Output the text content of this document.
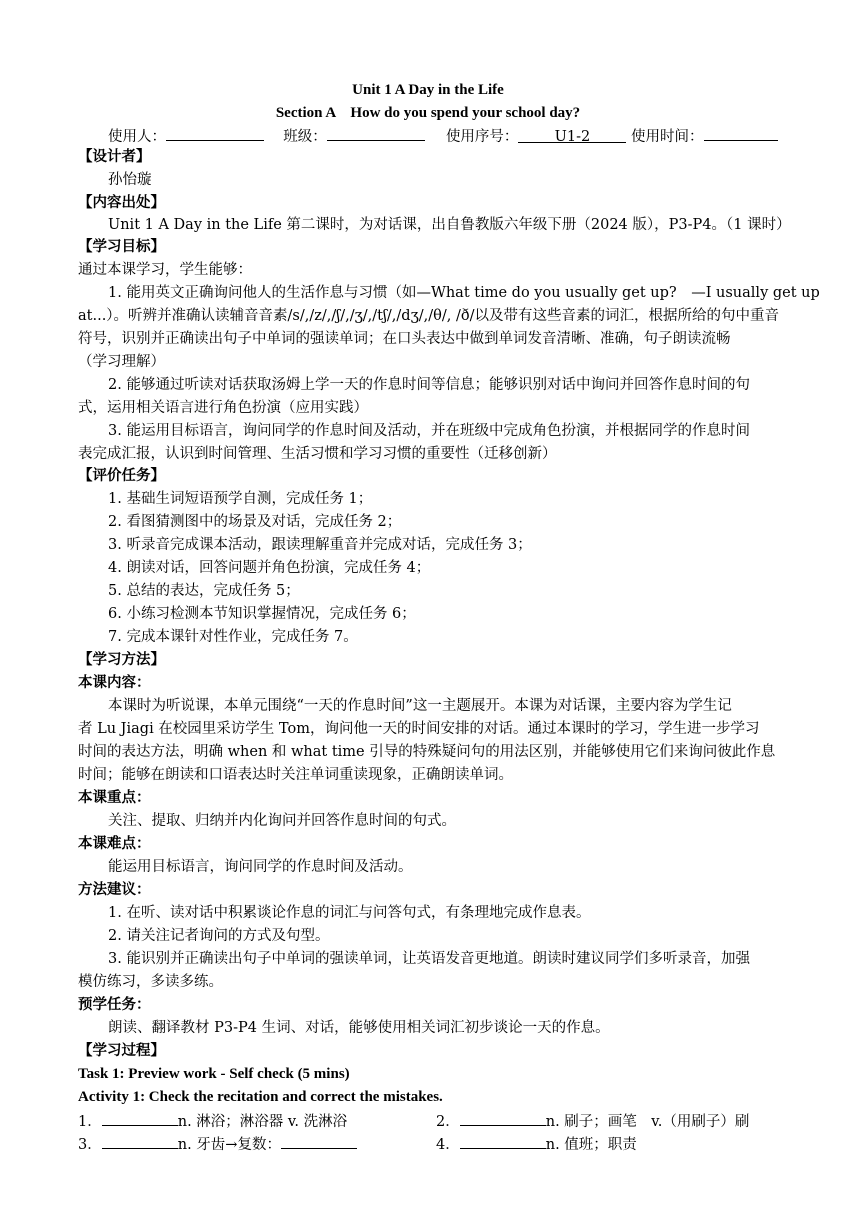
Unit 1 A Day in the Life
Section A　How do you spend your school day?
使用人：	班级：	使用序号： U1-2	使用时间：
【设计者】
孙怡璇
【内容出处】
Unit 1 A Day in the Life 第二课时，为对话课，出自鲁教版六年级下册（2024 版），P3-P4。（1 课时）
【学习目标】
通过本课学习，学生能够：
1. 能用英文正确询问他人的生活作息与习惯（如—What time do you usually get up?　—I usually get up
at...）。听辨并准确认读辅音音素/s/,/z/,/ʃ/,/ʒ/,/tʃ/,/dʒ/,/θ/, /ð/以及带有这些音素的词汇，根据所给的句中重音
符号，识别并正确读出句子中单词的强读单词；在口头表达中做到单词发音清晰、准确，句子朗读流畅
（学习理解）
2. 能够通过听读对话获取汤姆上学一天的作息时间等信息；能够识别对话中询问并回答作息时间的句
式，运用相关语言进行角色扮演（应用实践）
3. 能运用目标语言，询问同学的作息时间及活动，并在班级中完成角色扮演，并根据同学的作息时间
表完成汇报，认识到时间管理、生活习惯和学习习惯的重要性（迁移创新）
【评价任务】
1. 基础生词短语预学自测，完成任务 1；
2. 看图猜测图中的场景及对话，完成任务 2；
3. 听录音完成课本活动，跟读理解重音并完成对话，完成任务 3；
4. 朗读对话，回答问题并角色扮演，完成任务 4；
5. 总结的表达，完成任务 5；
6. 小练习检测本节知识掌握情况，完成任务 6；
7. 完成本课针对性作业，完成任务 7。
【学习方法】
本课内容：
本课时为听说课，本单元围绕“一天的作息时间”这一主题展开。本课为对话课，主要内容为学生记
者 Lu Jiagi 在校园里采访学生 Tom，询问他一天的时间安排的对话。通过本课时的学习，学生进一步学习
时间的表达方法，明确 when 和 what time 引导的特殊疑问句的用法区别，并能够使用它们来询问彼此作息
时间；能够在朗读和口语表达时关注单词重读现象，正确朗读单词。
本课重点：
关注、提取、归纳并内化询问并回答作息时间的句式。
本课难点：
能运用目标语言，询问同学的作息时间及活动。
方法建议：
1. 在听、读对话中积累谈论作息的词汇与问答句式，有条理地完成作息表。
2. 请关注记者询问的方式及句型。
3. 能识别并正确读出句子中单词的强读单词，让英语发音更地道。朗读时建议同学们多听录音，加强
模仿练习，多读多练。
预学任务：
朗读、翻译教材 P3-P4 生词、对话，能够使用相关词汇初步谈论一天的作息。
【学习过程】
Task 1: Preview work - Self check (5 mins)
Activity 1: Check the recitation and correct the mistakes.
1．	n. 淋浴；淋浴器 v. 洗淋浴	2．	n. 刷子；画笔　v.（用刷子）刷
3．	n. 牙齿→复数：	4．	n. 值班；职责
